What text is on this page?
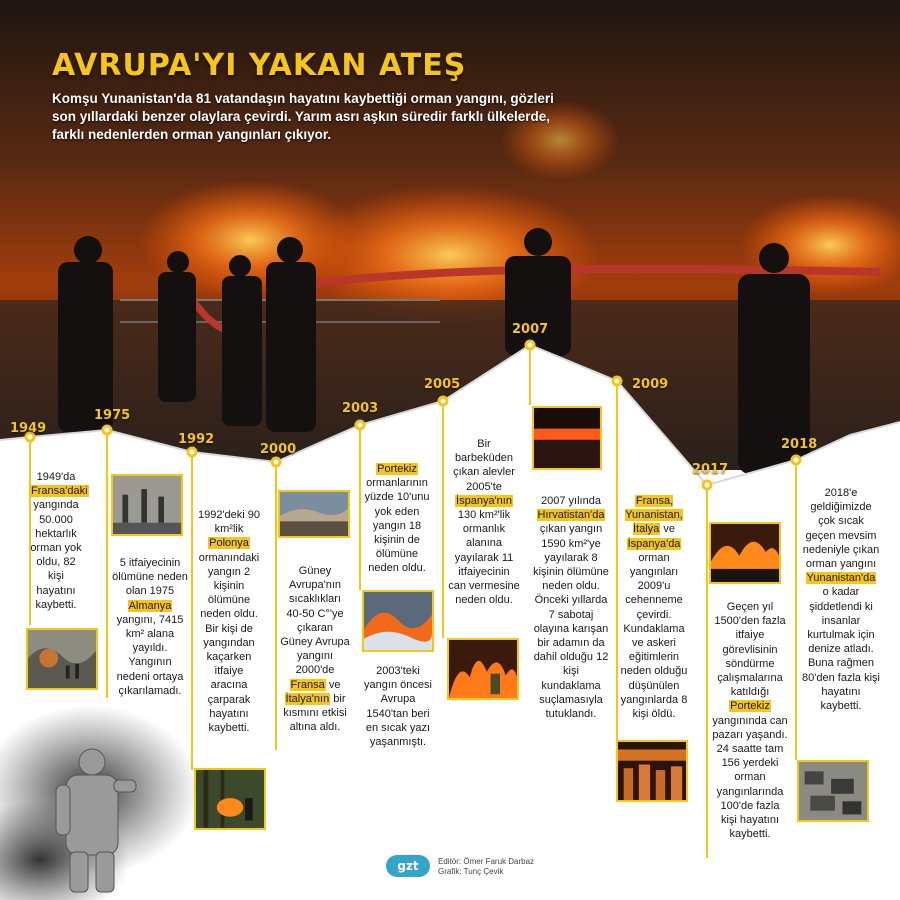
AVRUPA'YI YAKAN ATEŞ

Komşu Yunanistan'da 81 vatandaşın hayatını kaybettiği orman yangını, gözleri son yıllardaki benzer olaylara çevirdi. Yarım asrı aşkın süredir farklı ülkelerde, farklı nedenlerden orman yangınları çıkıyor.

1949
1975
1992
2000
2003
2005
2007
2009
2017
2018

1949'da Fransa'daki yangında 50.000 hektarlık orman yok oldu, 82 kişi hayatını kaybetti.

5 itfaiyecinin ölümüne neden olan 1975 Almanya yangını, 7415 km² alana yayıldı. Yangının nedeni ortaya çıkarılamadı.

1992'deki 90 km²lik Polonya ormanındaki yangın 2 kişinin ölümüne neden oldu. Bir kişi de yangından kaçarken itfaiye aracına çarparak hayatını kaybetti.

Güney Avrupa'nın sıcaklıkları 40-50 C°'ye çıkaran Güney Avrupa yangını 2000'de Fransa ve İtalya'nın bir kısmını etkisi altına aldı.

Portekiz ormanlarının yüzde 10'unu yok eden yangın 18 kişinin de ölümüne neden oldu.

2003'teki yangın öncesi Avrupa 1540'tan beri en sıcak yazı yaşanmıştı.

Bir barbeküden çıkan alevler 2005'te İspanya'nın 130 km²'lik ormanlık alanına yayılarak 11 itfaiyecinin can vermesine neden oldu.

2007 yılında Hırvatistan'da çıkan yangın 1590 km²'ye yayılarak 8 kişinin ölümüne neden oldu. Önceki yıllarda 7 sabotaj olayına karışan bir adamın da dahil olduğu 12 kişi kundaklama suçlamasıyla tutuklandı.

Fransa, Yunanistan, İtalya ve İspanya'da orman yangınları 2009'u cehenneme çevirdi. Kundaklama ve askeri eğitimlerin neden olduğu düşünülen yangınlarda 8 kişi öldü.

Geçen yıl 1500'den fazla itfaiye görevlisinin söndürme çalışmalarına katıldığı Portekiz yangınında can pazarı yaşandı. 24 saatte tam 156 yerdeki orman yangınlarında 100'de fazla kişi hayatını kaybetti.

2018'e geldiğimizde çok sıcak geçen mevsim nedeniyle çıkan orman yangını Yunanistan'da o kadar şiddetlendi ki insanlar kurtulmak için denize atladı. Buna rağmen 80'den fazla kişi hayatını kaybetti.

gzt	Editör: Ömer Faruk Darbaz
Grafik: Tunç Çevik
